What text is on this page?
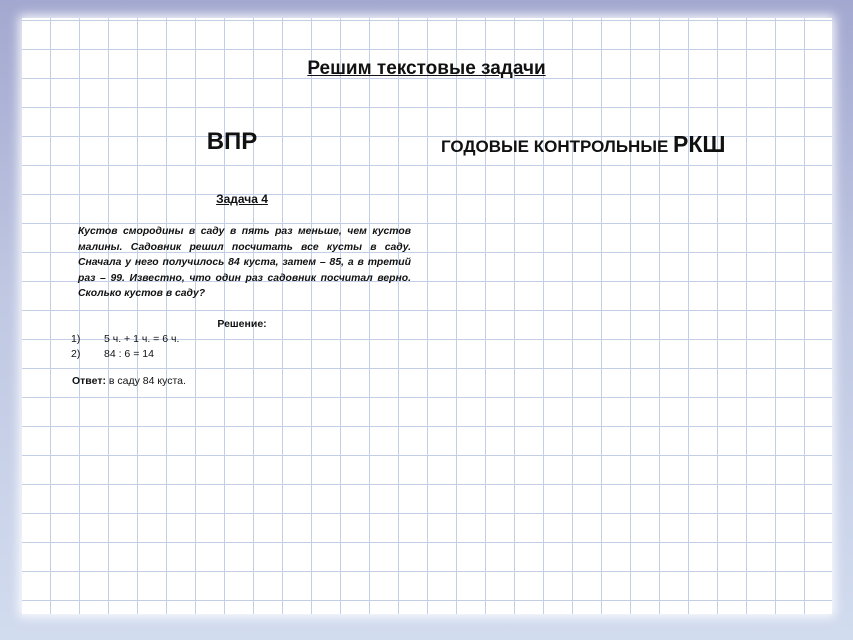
Решим текстовые задачи
ВПР	ГОДОВЫЕ КОНТРОЛЬНЫЕ РКШ
Задача 4

Кустов смородины в саду в пять раз меньше, чем кустов малины. Садовник решил посчитать все кусты в саду. Сначала у него получилось 84 куста, затем – 85, а в третий раз – 99. Известно, что один раз садовник посчитал верно. Сколько кустов в саду?

Решение:
1) 5 ч. + 1 ч. = 6 ч.
2) 84 : 6 = 14
Ответ: в саду 84 куста.
